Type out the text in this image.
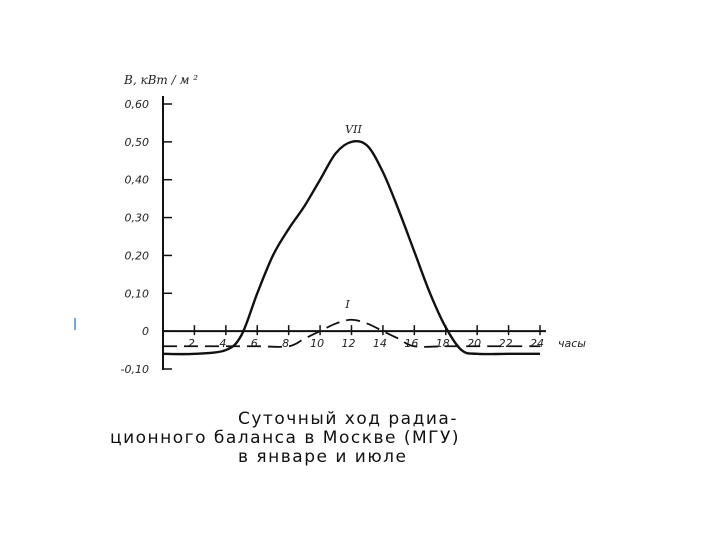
0,60
0,50
0,40
0,30
0,20
0,10
0
-0,10
2 4 6 8 10 12 14 16 18 20 22 24
VII
I
B, кВт / м ²
часы
Суточный ход радиа-
ционного баланса в Москве (МГУ)
в январе и июле
